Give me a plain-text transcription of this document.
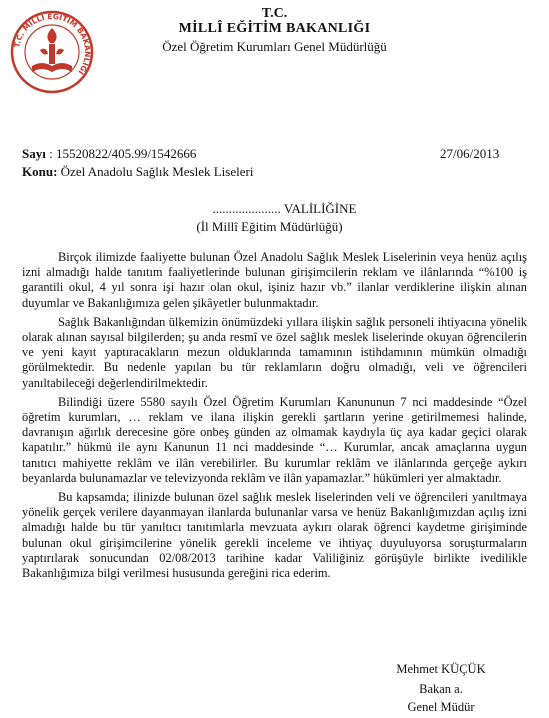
T.C. MİLLÎ EĞİTİM BAKANLIĞI
T.C.
MİLLÎ EĞİTİM BAKANLIĞI
Özel Öğretim Kurumları Genel Müdürlüğü
Sayı : 15520822/405.99/1542666	27/06/2013
Konu: Özel Anadolu Sağlık Meslek Liseleri
..................... VALİLİĞİNE
(İl Millî Eğitim Müdürlüğü)

Birçok ilimizde faaliyette bulunan Özel Anadolu Sağlık Meslek Liselerinin veya henüz açılış izni almadığı halde tanıtım faaliyetlerinde bulunan girişimcilerin reklam ve ilânlarında “%100 iş garantili okul, 4 yıl sonra işi hazır olan okul, işiniz hazır vb.” ilanlar verdiklerine ilişkin alınan duyumlar ve Bakanlığımıza gelen şikâyetler bulunmaktadır.

Sağlık Bakanlığından ülkemizin önümüzdeki yıllara ilişkin sağlık personeli ihtiyacına yönelik olarak alınan sayısal bilgilerden; şu anda resmî ve özel sağlık meslek liselerinde okuyan öğrencilerin ve yeni kayıt yaptıracakların mezun olduklarında tamamının istihdamının mümkün olmadığı görülmektedir. Bu nedenle yapılan bu tür reklamların doğru olmadığı, veli ve öğrencileri yanıltabileceği değerlendirilmektedir.

Bilindiği üzere 5580 sayılı Özel Öğretim Kurumları Kanununun 7 nci maddesinde “Özel öğretim kurumları, … reklam ve ilana ilişkin gerekli şartların yerine getirilmemesi halinde, davranışın ağırlık derecesine göre onbeş günden az olmamak kaydıyla üç aya kadar geçici olarak kapatılır.” hükmü ile aynı Kanunun 11 nci maddesinde “… Kurumlar, ancak amaçlarına uygun tanıtıcı mahiyette reklâm ve ilân verebilirler. Bu kurumlar reklâm ve ilânlarında gerçeğe aykırı beyanlarda bulunamazlar ve televizyonda reklâm ve ilân yapamazlar.” hükümleri yer almaktadır.

Bu kapsamda; ilinizde bulunan özel sağlık meslek liselerinden veli ve öğrencileri yanıltmaya yönelik gerçek verilere dayanmayan ilanlarda bulunanlar varsa ve henüz Bakanlığımızdan açılış izni almadığı halde bu tür yanıltıcı tanıtımlarla mevzuata aykırı olarak öğrenci kaydetme girişiminde bulunan okul girişimcilerine yönelik gerekli inceleme ve ihtiyaç duyuluyorsa soruşturmaların yaptırılarak sonucundan 02/08/2013 tarihine kadar Valiliğiniz görüşüyle birlikte ivedilikle Bakanlığımıza bilgi verilmesi hususunda gereğini rica ederim.

Mehmet KÜÇÜK
Bakan a.
Genel Müdür
